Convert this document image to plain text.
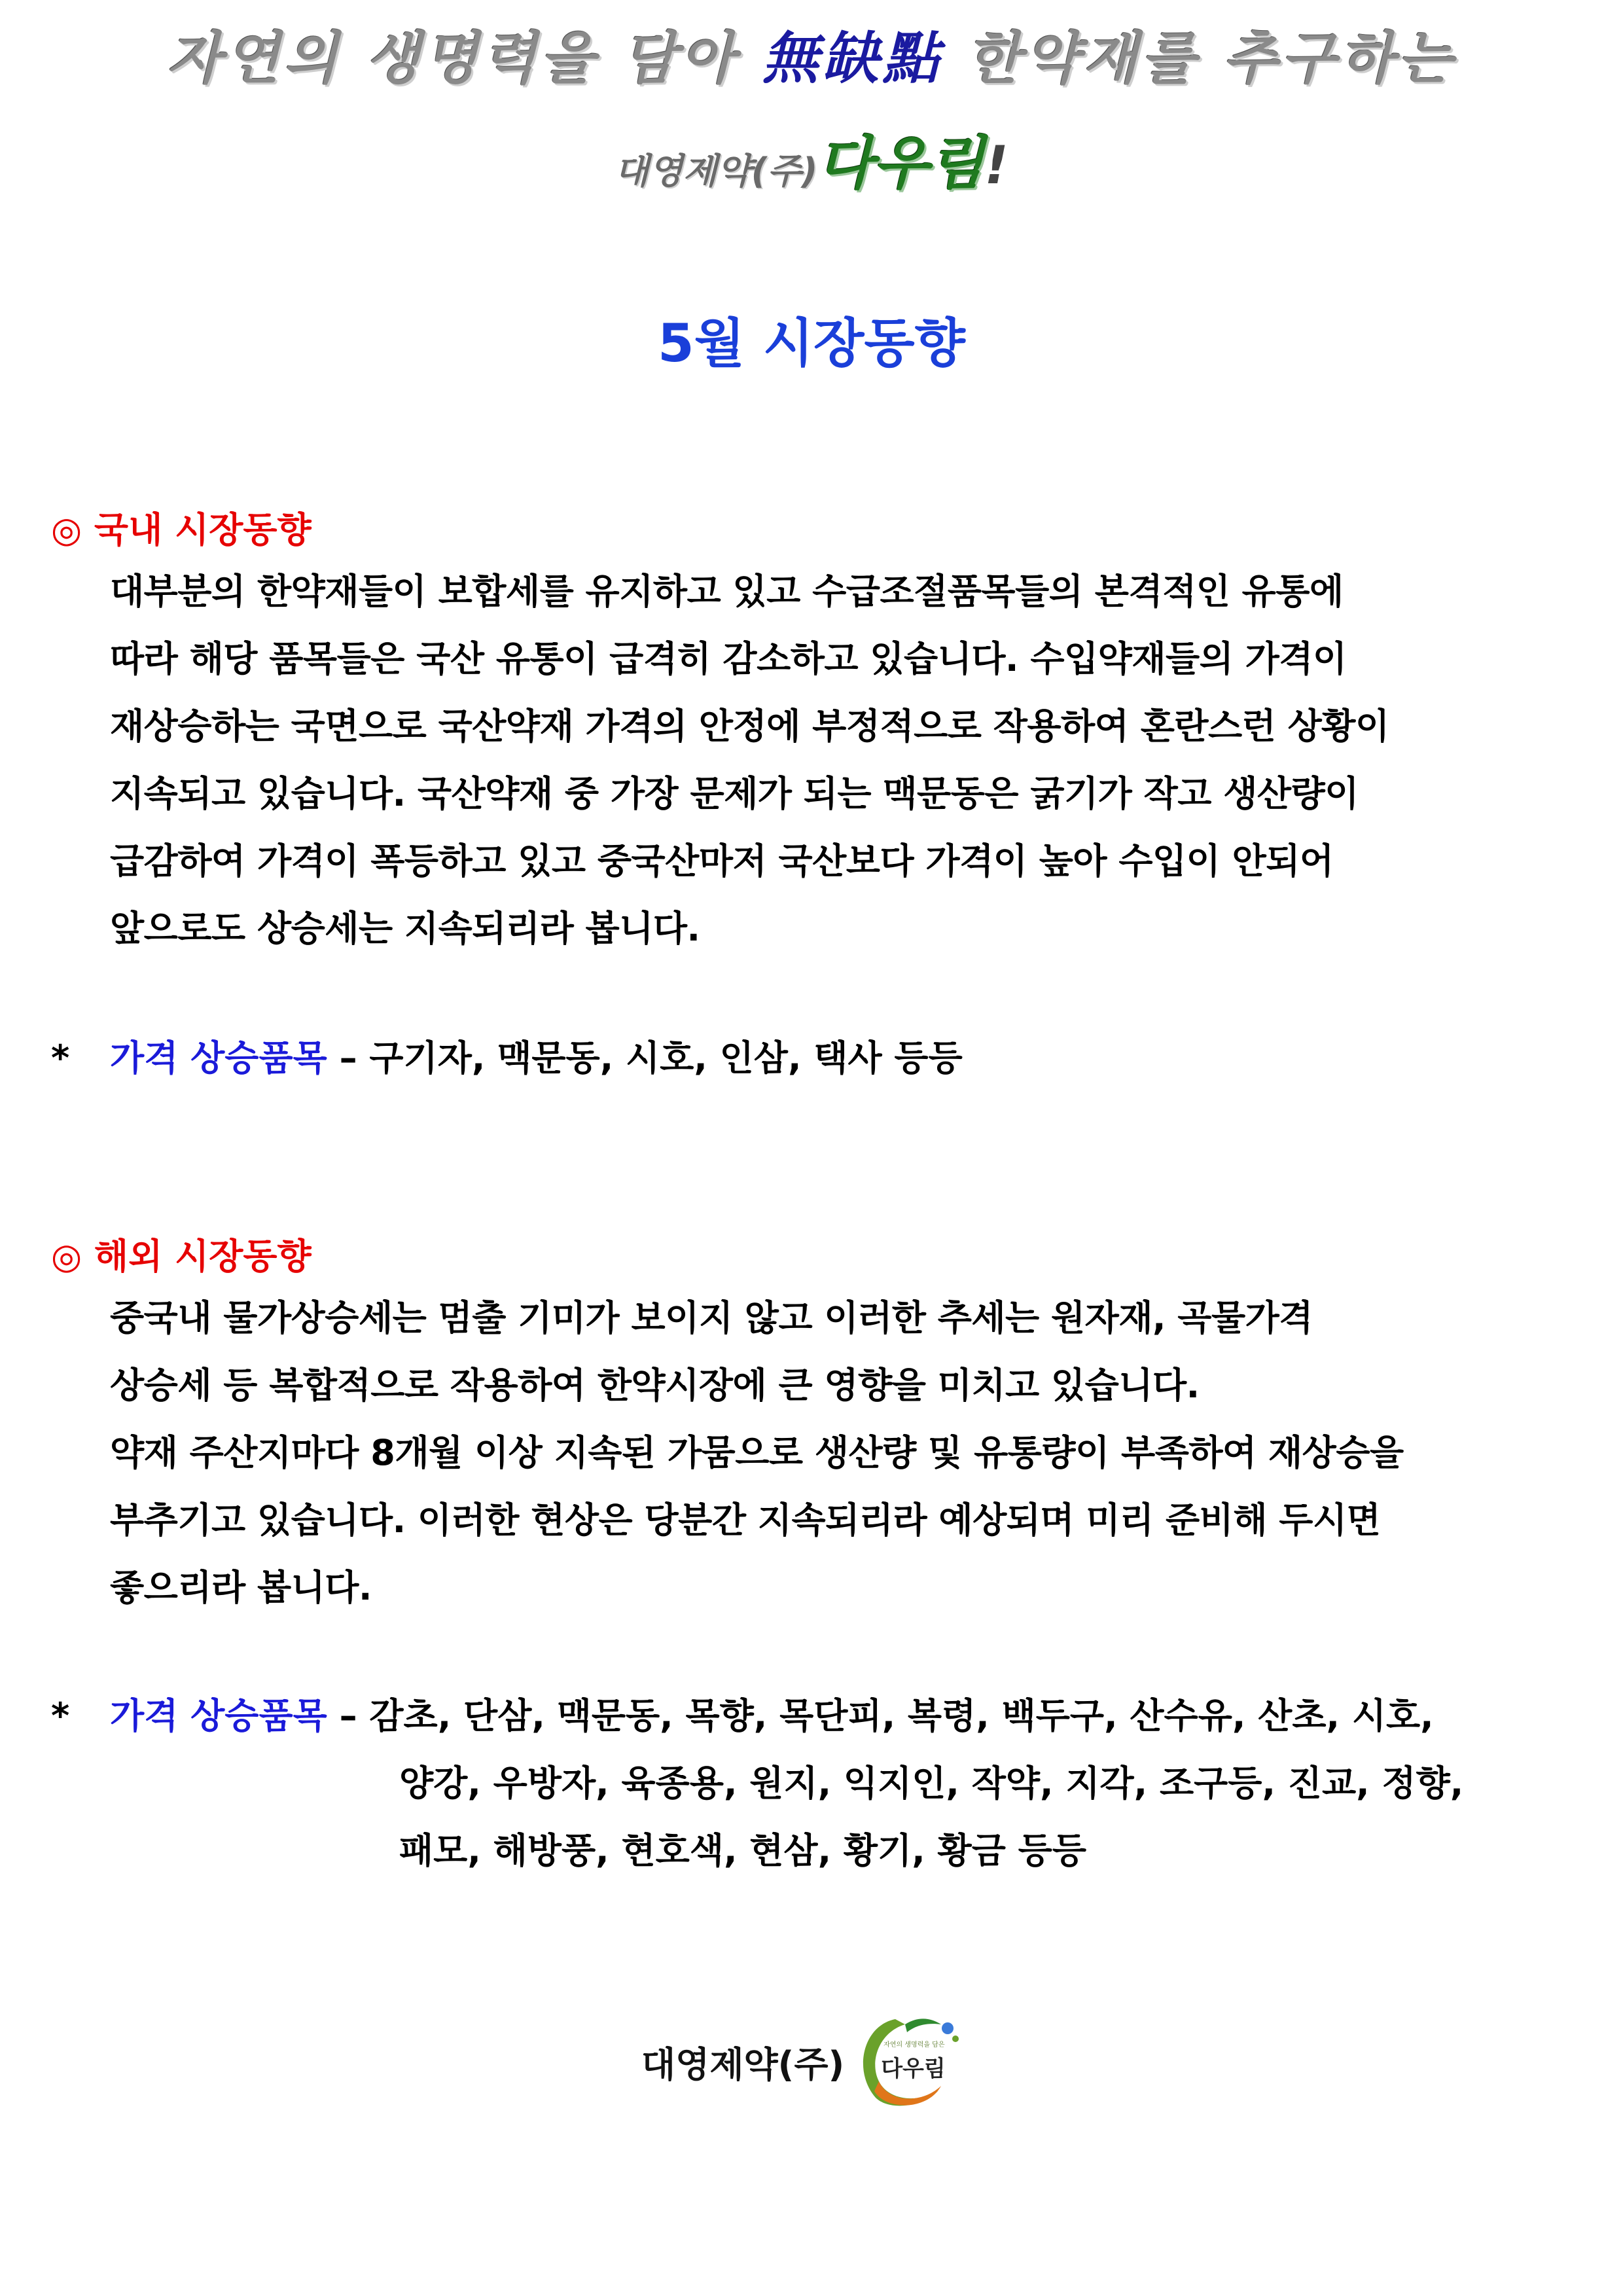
자연의 생명력을 담아 無缺點 한약재를 추구하는
대영제약(주)다우림!
5월 시장동향
◎ 국내 시장동향

대부분의 한약재들이 보합세를 유지하고 있고 수급조절품목들의 본격적인 유통에

따라 해당 품목들은 국산 유통이 급격히 감소하고 있습니다. 수입약재들의 가격이

재상승하는 국면으로 국산약재 가격의 안정에 부정적으로 작용하여 혼란스런 상황이

지속되고 있습니다. 국산약재 중 가장 문제가 되는 맥문동은 굵기가 작고 생산량이

급감하여 가격이 폭등하고 있고 중국산마저 국산보다 가격이 높아 수입이 안되어

앞으로도 상승세는 지속되리라 봅니다.

* 가격 상승품목 – 구기자, 맥문동, 시호, 인삼, 택사 등등
◎ 해외 시장동향

중국내 물가상승세는 멈출 기미가 보이지 않고 이러한 추세는 원자재, 곡물가격

상승세 등 복합적으로 작용하여 한약시장에 큰 영향을 미치고 있습니다.

약재 주산지마다 8개월 이상 지속된 가뭄으로 생산량 및 유통량이 부족하여 재상승을

부추기고 있습니다. 이러한 현상은 당분간 지속되리라 예상되며 미리 준비해 두시면

좋으리라 봅니다.

* 가격 상승품목 – 감초, 단삼, 맥문동, 목향, 목단피, 복령, 백두구, 산수유, 산초, 시호,
양강, 우방자, 육종용, 원지, 익지인, 작약, 지각, 조구등, 진교, 정향,
패모, 해방풍, 현호색, 현삼, 황기, 황금 등등
대영제약(주)	자연의 생명력을 담은
다우림
